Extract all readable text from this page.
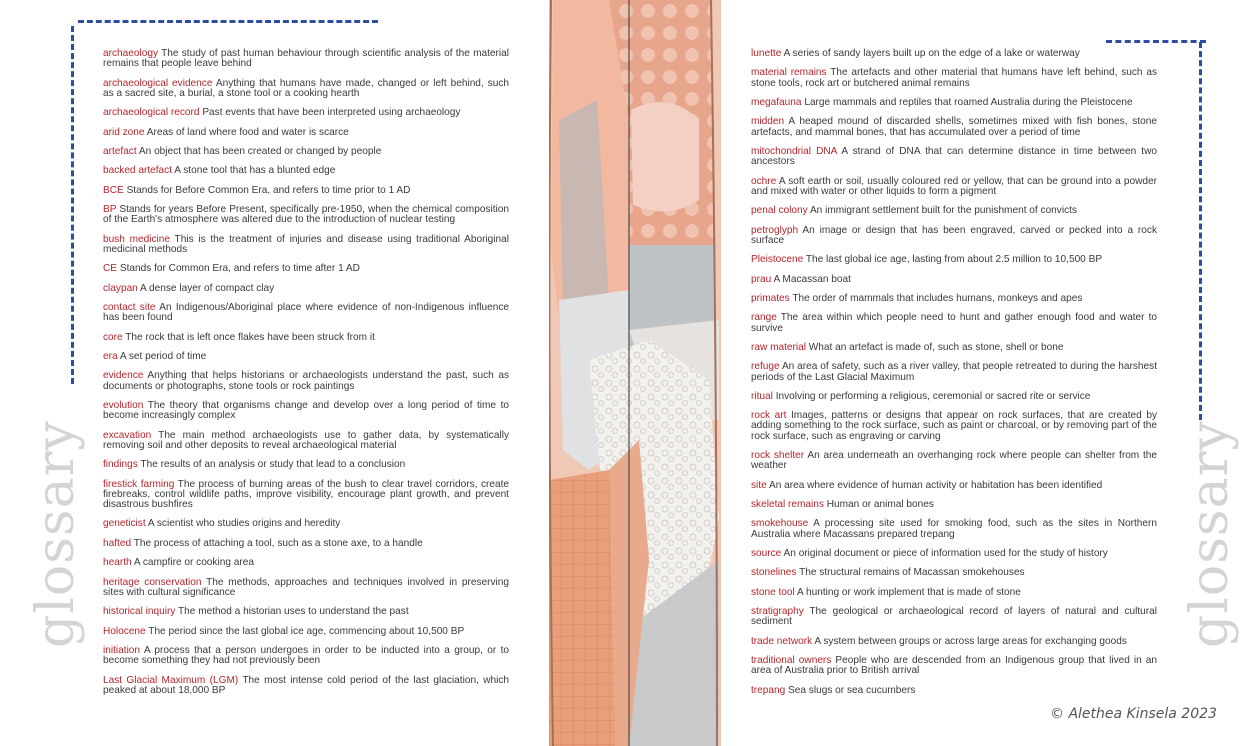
glossary	glossary
archaeology The study of past human behaviour through scientific analysis of the material remains that people leave behind
archaeological evidence Anything that humans have made, changed or left behind, such as a sacred site, a burial, a stone tool or a cooking hearth
archaeological record Past events that have been interpreted using archaeology
arid zone Areas of land where food and water is scarce
artefact An object that has been created or changed by people
backed artefact A stone tool that has a blunted edge
BCE Stands for Before Common Era, and refers to time prior to 1 AD
BP Stands for years Before Present, specifically pre-1950, when the chemical composition of the Earth's atmosphere was altered due to the introduction of nuclear testing
bush medicine This is the treatment of injuries and disease using traditional Aboriginal medicinal methods
CE Stands for Common Era, and refers to time after 1 AD
claypan A dense layer of compact clay
contact site An Indigenous/Aboriginal place where evidence of non-Indigenous influence has been found
core The rock that is left once flakes have been struck from it
era A set period of time
evidence Anything that helps historians or archaeologists understand the past, such as documents or photographs, stone tools or rock paintings
evolution The theory that organisms change and develop over a long period of time to become increasingly complex
excavation The main method archaeologists use to gather data, by systematically removing soil and other deposits to reveal archaeological material
findings The results of an analysis or study that lead to a conclusion
firestick farming The process of burning areas of the bush to clear travel corridors, create firebreaks, control wildlife paths, improve visibility, encourage plant growth, and prevent disastrous bushfires
geneticist A scientist who studies origins and heredity
hafted The process of attaching a tool, such as a stone axe, to a handle
hearth A campfire or cooking area
heritage conservation The methods, approaches and techniques involved in preserving sites with cultural significance
historical inquiry The method a historian uses to understand the past
Holocene The period since the last global ice age, commencing about 10,500 BP
initiation A process that a person undergoes in order to be inducted into a group, or to become something they had not previously been
Last Glacial Maximum (LGM) The most intense cold period of the last glaciation, which peaked at about 18,000 BP
lunette A series of sandy layers built up on the edge of a lake or waterway
material remains The artefacts and other material that humans have left behind, such as stone tools, rock art or butchered animal remains
megafauna Large mammals and reptiles that roamed Australia during the Pleistocene
midden A heaped mound of discarded shells, sometimes mixed with fish bones, stone artefacts, and mammal bones, that has accumulated over a period of time
mitochondrial DNA A strand of DNA that can determine distance in time between two ancestors
ochre A soft earth or soil, usually coloured red or yellow, that can be ground into a powder and mixed with water or other liquids to form a pigment
penal colony An immigrant settlement built for the punishment of convicts
petroglyph An image or design that has been engraved, carved or pecked into a rock surface
Pleistocene The last global ice age, lasting from about 2.5 million to 10,500 BP
prau A Macassan boat
primates The order of mammals that includes humans, monkeys and apes
range The area within which people need to hunt and gather enough food and water to survive
raw material What an artefact is made of, such as stone, shell or bone
refuge An area of safety, such as a river valley, that people retreated to during the harshest periods of the Last Glacial Maximum
ritual Involving or performing a religious, ceremonial or sacred rite or service
rock art Images, patterns or designs that appear on rock surfaces, that are created by adding something to the rock surface, such as paint or charcoal, or by removing part of the rock surface, such as engraving or carving
rock shelter An area underneath an overhanging rock where people can shelter from the weather
site An area where evidence of human activity or habitation has been identified
skeletal remains Human or animal bones
smokehouse A processing site used for smoking food, such as the sites in Northern Australia where Macassans prepared trepang
source An original document or piece of information used for the study of history
stonelines The structural remains of Macassan smokehouses
stone tool A hunting or work implement that is made of stone
stratigraphy The geological or archaeological record of layers of natural and cultural sediment
trade network A system between groups or across large areas for exchanging goods
traditional owners People who are descended from an Indigenous group that lived in an area of Australia prior to British arrival
trepang Sea slugs or sea cucumbers
© Alethea Kinsela 2023
